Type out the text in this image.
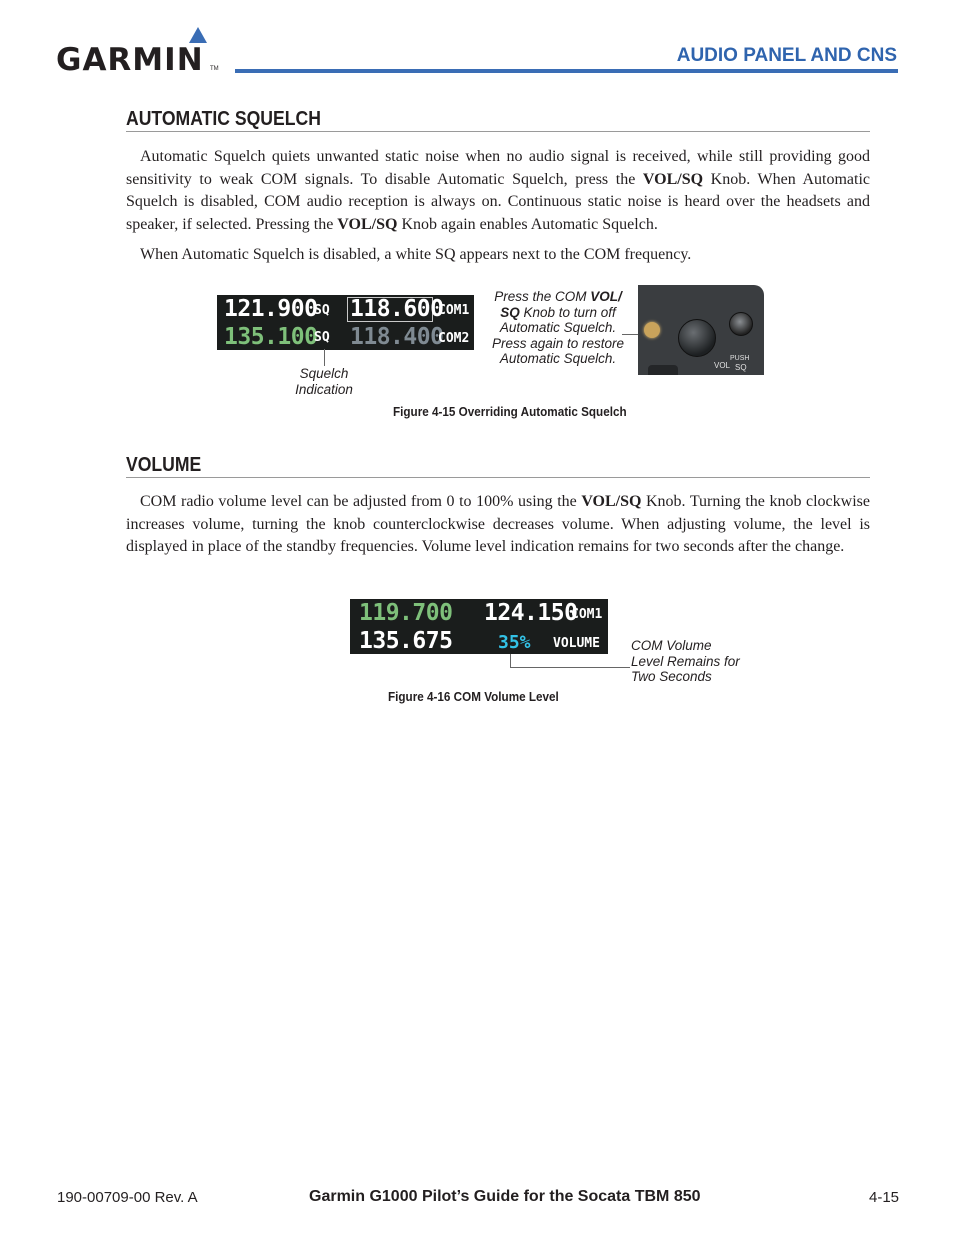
GARMIN TM
AUDIO PANEL AND CNS
AUTOMATIC SQUELCH

Automatic Squelch quiets unwanted static noise when no audio signal is received, while still providing good sensitivity to weak COM signals. To disable Automatic Squelch, press the VOL/SQ Knob. When Automatic Squelch is disabled, COM audio reception is always on. Continuous static noise is heard over the headsets and speaker, if selected. Pressing the VOL/SQ Knob again enables Automatic Squelch.

When Automatic Squelch is disabled, a white SQ appears next to the COM frequency.

121.900
SQ 118.600
COM1
135.100
SQ 118.400
COM2
Squelch
Indication
Press the COM VOL/
SQ Knob to turn off
Automatic Squelch.
Press again to restore
Automatic Squelch.	VOL
PUSH
SQ
Figure 4-15 Overriding Automatic Squelch
VOLUME

COM radio volume level can be adjusted from 0 to 100% using the VOL/SQ Knob. Turning the knob clockwise increases volume, turning the knob counterclockwise decreases volume. When adjusting volume, the level is displayed in place of the standby frequencies. Volume level indication remains for two seconds after the change.

119.700 124.150
COM1
135.675	35% VOLUME COM Volume
Level Remains for
Two Seconds
Figure 4-16 COM Volume Level
190-00709-00 Rev. A	Garmin G1000 Pilot’s Guide for the Socata TBM 850	4-15
